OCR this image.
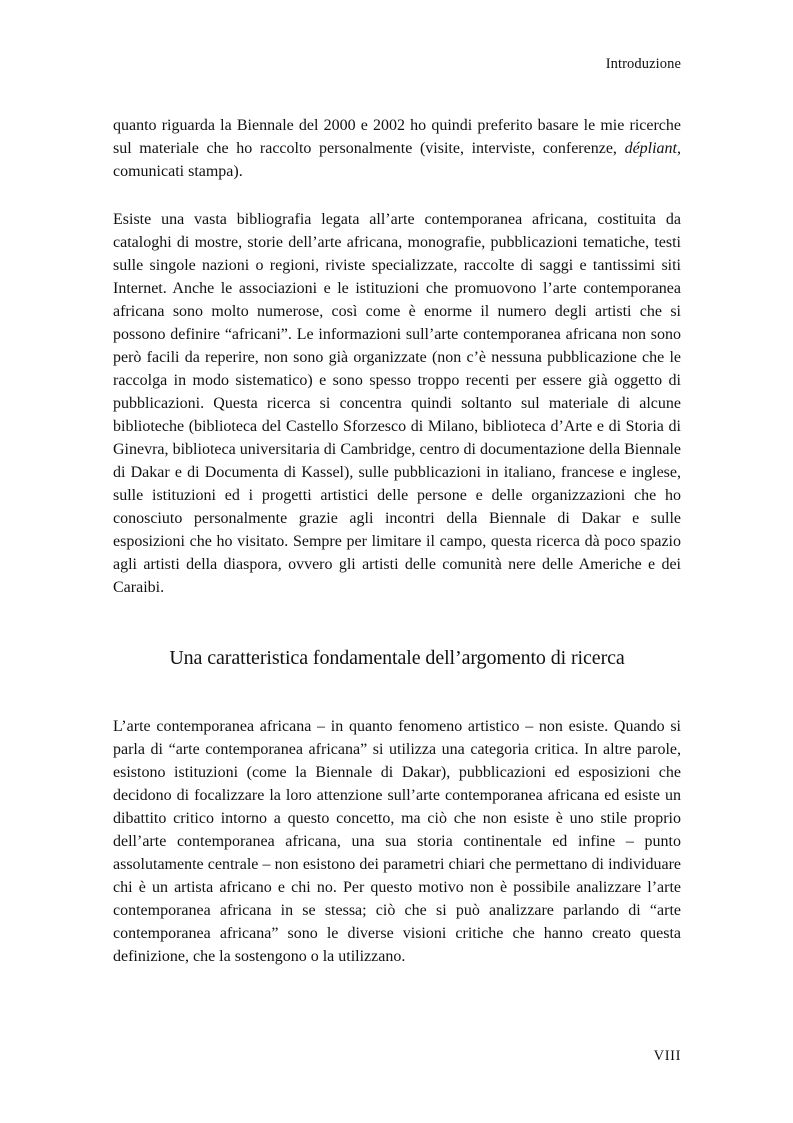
Introduzione

quanto riguarda la Biennale del 2000 e 2002 ho quindi preferito basare le mie ricerche sul materiale che ho raccolto personalmente (visite, interviste, conferenze, dépliant, comunicati stampa).

Esiste una vasta bibliografia legata all’arte contemporanea africana, costituita da cataloghi di mostre, storie dell’arte africana, monografie, pubblicazioni tematiche, testi sulle singole nazioni o regioni, riviste specializzate, raccolte di saggi e tantissimi siti Internet. Anche le associazioni e le istituzioni che promuovono l’arte contemporanea africana sono molto numerose, così come è enorme il numero degli artisti che si possono definire “africani”. Le informazioni sull’arte contemporanea africana non sono però facili da reperire, non sono già organizzate (non c’è nessuna pubblicazione che le raccolga in modo sistematico) e sono spesso troppo recenti per essere già oggetto di pubblicazioni. Questa ricerca si concentra quindi soltanto sul materiale di alcune biblioteche (biblioteca del Castello Sforzesco di Milano, biblioteca d’Arte e di Storia di Ginevra, biblioteca universitaria di Cambridge, centro di documentazione della Biennale di Dakar e di Documenta di Kassel), sulle pubblicazioni in italiano, francese e inglese, sulle istituzioni ed i progetti artistici delle persone e delle organizzazioni che ho conosciuto personalmente grazie agli incontri della Biennale di Dakar e sulle esposizioni che ho visitato. Sempre per limitare il campo, questa ricerca dà poco spazio agli artisti della diaspora, ovvero gli artisti delle comunità nere delle Americhe e dei Caraibi.

Una caratteristica fondamentale dell’argomento di ricerca

L’arte contemporanea africana – in quanto fenomeno artistico – non esiste. Quando si parla di “arte contemporanea africana” si utilizza una categoria critica. In altre parole, esistono istituzioni (come la Biennale di Dakar), pubblicazioni ed esposizioni che decidono di focalizzare la loro attenzione sull’arte contemporanea africana ed esiste un dibattito critico intorno a questo concetto, ma ciò che non esiste è uno stile proprio dell’arte contemporanea africana, una sua storia continentale ed infine – punto assolutamente centrale – non esistono dei parametri chiari che permettano di individuare chi è un artista africano e chi no. Per questo motivo non è possibile analizzare l’arte contemporanea africana in se stessa; ciò che si può analizzare parlando di “arte contemporanea africana” sono le diverse visioni critiche che hanno creato questa definizione, che la sostengono o la utilizzano.

VIII
